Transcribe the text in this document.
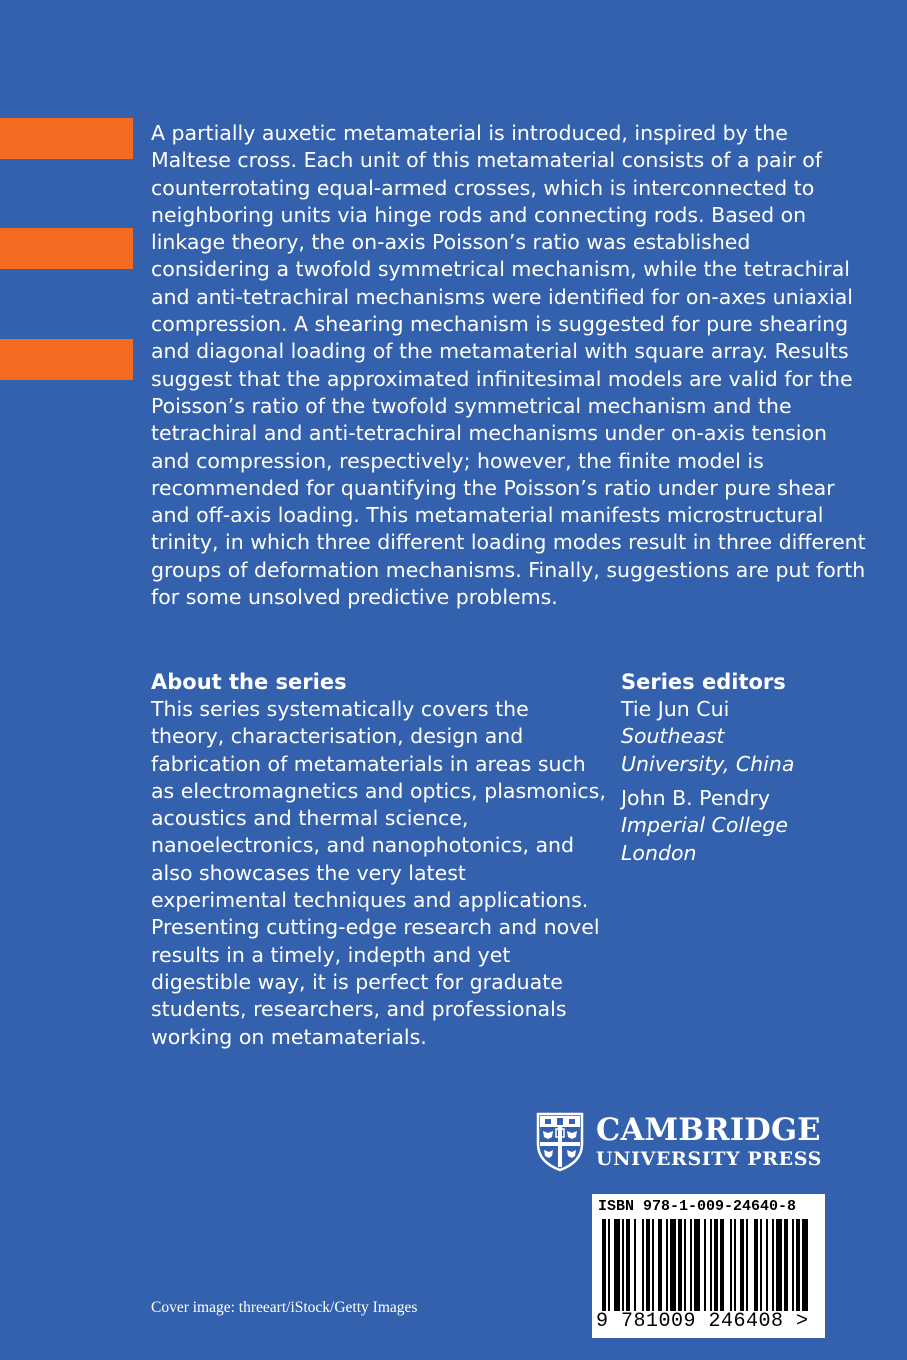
A partially auxetic metamaterial is introduced, inspired by the Maltese cross. Each unit of this metamaterial consists of a pair of counterrotating equal-armed crosses, which is interconnected to neighboring units via hinge rods and connecting rods. Based on linkage theory, the on-axis Poisson’s ratio was established considering a twofold symmetrical mechanism, while the tetrachiral and anti-tetrachiral mechanisms were identified for on-axes uniaxial compression. A shearing mechanism is suggested for pure shearing and diagonal loading of the metamaterial with square array. Results suggest that the approximated infinitesimal models are valid for the Poisson’s ratio of the twofold symmetrical mechanism and the tetrachiral and anti-tetrachiral mechanisms under on-axis tension and compression, respectively; however, the finite model is recommended for quantifying the Poisson’s ratio under pure shear and off-axis loading. This metamaterial manifests microstructural trinity, in which three different loading modes result in three different groups of deformation mechanisms. Finally, suggestions are put forth for some unsolved predictive problems.

About the series

This series systematically covers the theory, characterisation, design and fabrication of metamaterials in areas such as electromagnetics and optics, plasmonics, acoustics and thermal science, nanoelectronics, and nanophotonics, and also showcases the very latest experimental techniques and applications. Presenting cutting-edge research and novel results in a timely, indepth and yet digestible way, it is perfect for graduate students, researchers, and professionals working on metamaterials.

Series editors
Tie Jun Cui
Southeast University, China
John B. Pendry
Imperial College London
CAMBRIDGE
UNIVERSITY PRESS
ISBN 978-1-009-24640-8
9 781009 246408 >
Cover image: threeart/iStock/Getty Images
